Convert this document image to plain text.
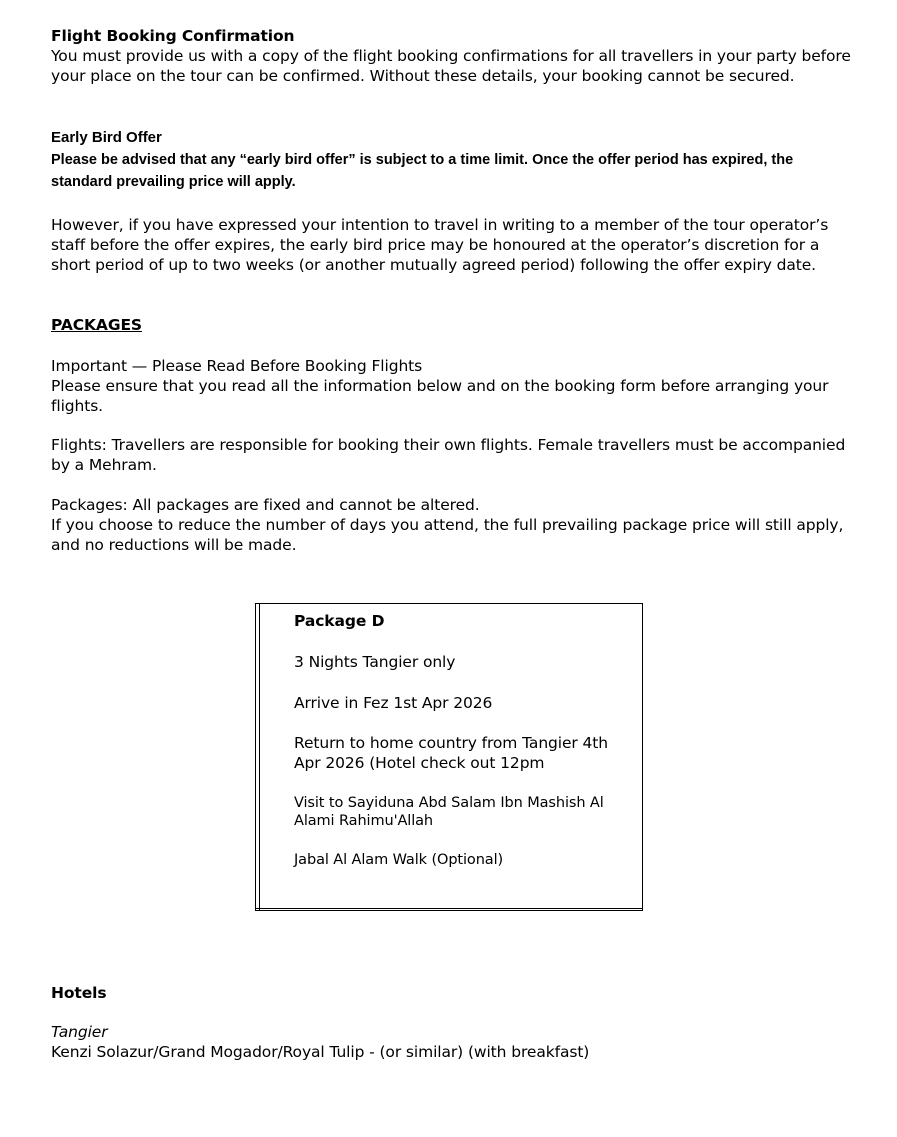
Flight Booking Confirmation

You must provide us with a copy of the flight booking confirmations for all travellers in your party before your place on the tour can be confirmed. Without these details, your booking cannot be secured.

Early Bird Offer

Please be advised that any “early bird offer” is subject to a time limit. Once the offer period has expired, the standard prevailing price will apply.

However, if you have expressed your intention to travel in writing to a member of the tour operator’s staff before the offer expires, the early bird price may be honoured at the operator’s discretion for a short period of up to two weeks (or another mutually agreed period) following the offer expiry date.

PACKAGES

Important — Please Read Before Booking Flights

Please ensure that you read all the information below and on the booking form before arranging your flights.

Flights: Travellers are responsible for booking their own flights. Female travellers must be accompanied by a Mehram.

Packages: All packages are fixed and cannot be altered.

If you choose to reduce the number of days you attend, the full prevailing package price will still apply, and no reductions will be made.

Package D

3 Nights Tangier only

Arrive in Fez 1st Apr 2026

Return to home country from Tangier 4th Apr 2026 (Hotel check out 12pm

Visit to Sayiduna Abd Salam Ibn Mashish Al Alami Rahimu'Allah

Jabal Al Alam Walk (Optional)

Hotels

Tangier

Kenzi Solazur/Grand Mogador/Royal Tulip - (or similar) (with breakfast)
